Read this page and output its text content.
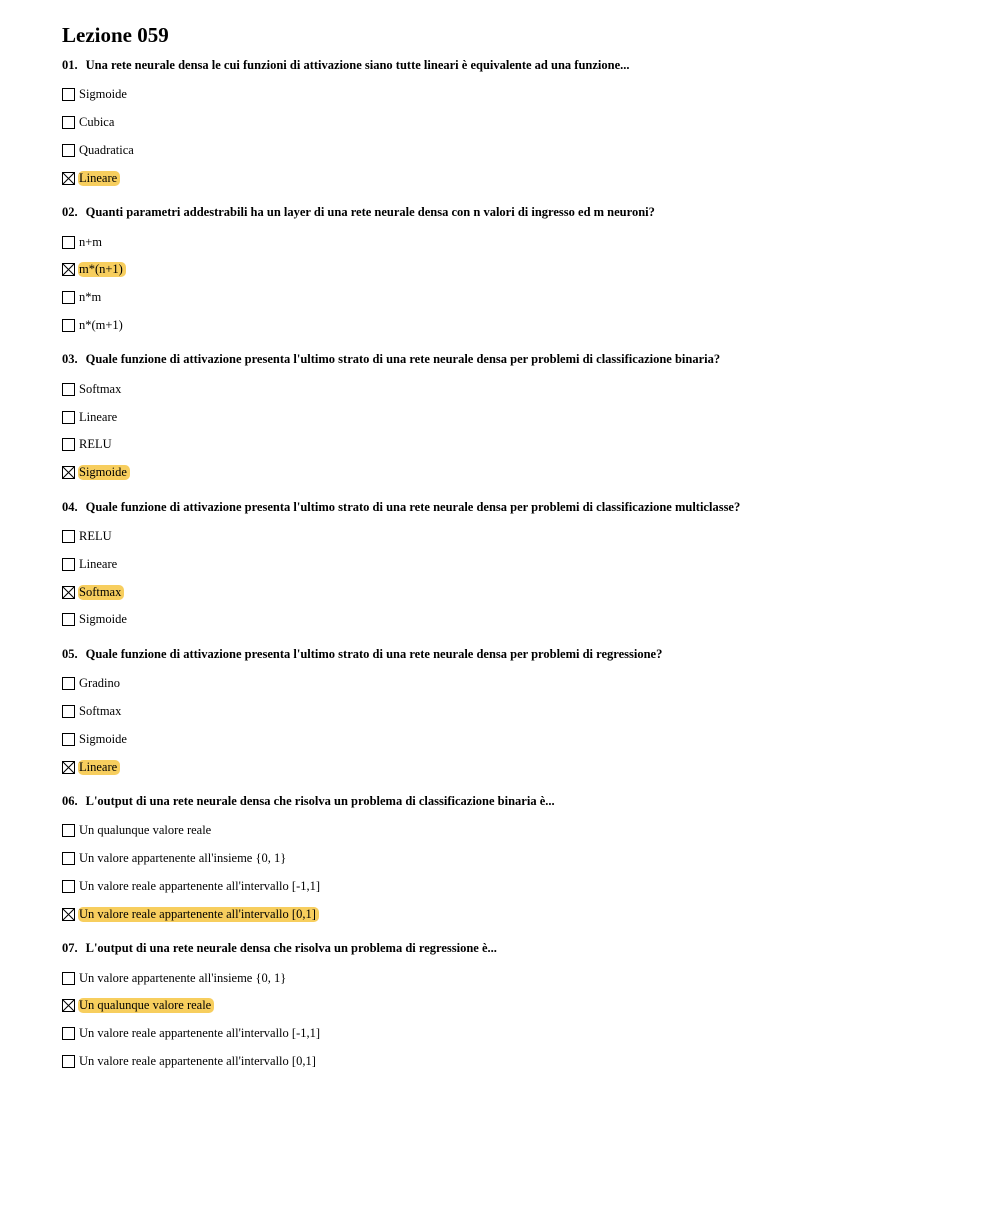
Lezione 059

01. Una rete neurale densa le cui funzioni di attivazione siano tutte lineari è equivalente ad una funzione...

Sigmoide
Cubica
Quadratica
Lineare

02. Quanti parametri addestrabili ha un layer di una rete neurale densa con n valori di ingresso ed m neuroni?

n+m
m*(n+1)
n*m
n*(m+1)

03. Quale funzione di attivazione presenta l'ultimo strato di una rete neurale densa per problemi di classificazione binaria?

Softmax
Lineare
RELU
Sigmoide

04. Quale funzione di attivazione presenta l'ultimo strato di una rete neurale densa per problemi di classificazione multiclasse?

RELU
Lineare
Softmax
Sigmoide

05. Quale funzione di attivazione presenta l'ultimo strato di una rete neurale densa per problemi di regressione?

Gradino
Softmax
Sigmoide
Lineare

06. L'output di una rete neurale densa che risolva un problema di classificazione binaria è...

Un qualunque valore reale
Un valore appartenente all'insieme {0, 1}
Un valore reale appartenente all'intervallo [-1,1]
Un valore reale appartenente all'intervallo [0,1]

07. L'output di una rete neurale densa che risolva un problema di regressione è...

Un valore appartenente all'insieme {0, 1}
Un qualunque valore reale
Un valore reale appartenente all'intervallo [-1,1]
Un valore reale appartenente all'intervallo [0,1]
